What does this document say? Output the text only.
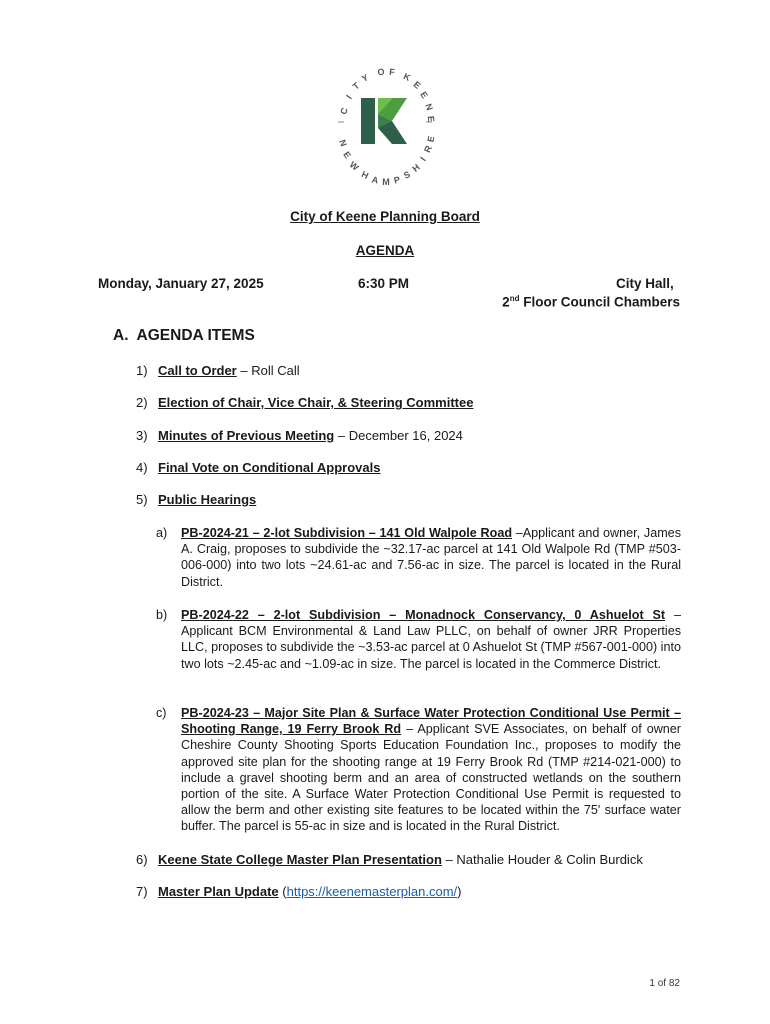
C
I
T
Y
O F K
E
E
N
E
N
E
W
H A M P S
H
I
R
E
City of Keene Planning Board
AGENDA
Monday, January 27, 2025	6:30 PM	City Hall,
2nd Floor Council Chambers
A.  AGENDA ITEMS
1) Call to Order – Roll Call
2) Election of Chair, Vice Chair, & Steering Committee
3) Minutes of Previous Meeting – December 16, 2024
4) Final Vote on Conditional Approvals
5) Public Hearings
a) PB-2024-21 – 2-lot Subdivision – 141 Old Walpole Road –Applicant and owner, James A. Craig, proposes to subdivide the ~32.17-ac parcel at 141 Old Walpole Rd (TMP #503-006-000) into two lots ~24.61-ac and 7.56-ac in size. The parcel is located in the Rural District.
b) PB-2024-22 – 2-lot Subdivision – Monadnock Conservancy, 0 Ashuelot St – Applicant BCM Environmental & Land Law PLLC, on behalf of owner JRR Properties LLC, proposes to subdivide the ~3.53-ac parcel at 0 Ashuelot St (TMP #567-001-000) into two lots ~2.45-ac and ~1.09-ac in size. The parcel is located in the Commerce District.
c) PB-2024-23 – Major Site Plan & Surface Water Protection Conditional Use Permit – Shooting Range, 19 Ferry Brook Rd – Applicant SVE Associates, on behalf of owner Cheshire County Shooting Sports Education Foundation Inc., proposes to modify the approved site plan for the shooting range at 19 Ferry Brook Rd (TMP #214-021-000) to include a gravel shooting berm and an area of constructed wetlands on the southern portion of the site. A Surface Water Protection Conditional Use Permit is requested to allow the berm and other existing site features to be located within the 75' surface water buffer. The parcel is 55-ac in size and is located in the Rural District.
6) Keene State College Master Plan Presentation – Nathalie Houder & Colin Burdick
7) Master Plan Update (https://keenemasterplan.com/)
1 of 82
